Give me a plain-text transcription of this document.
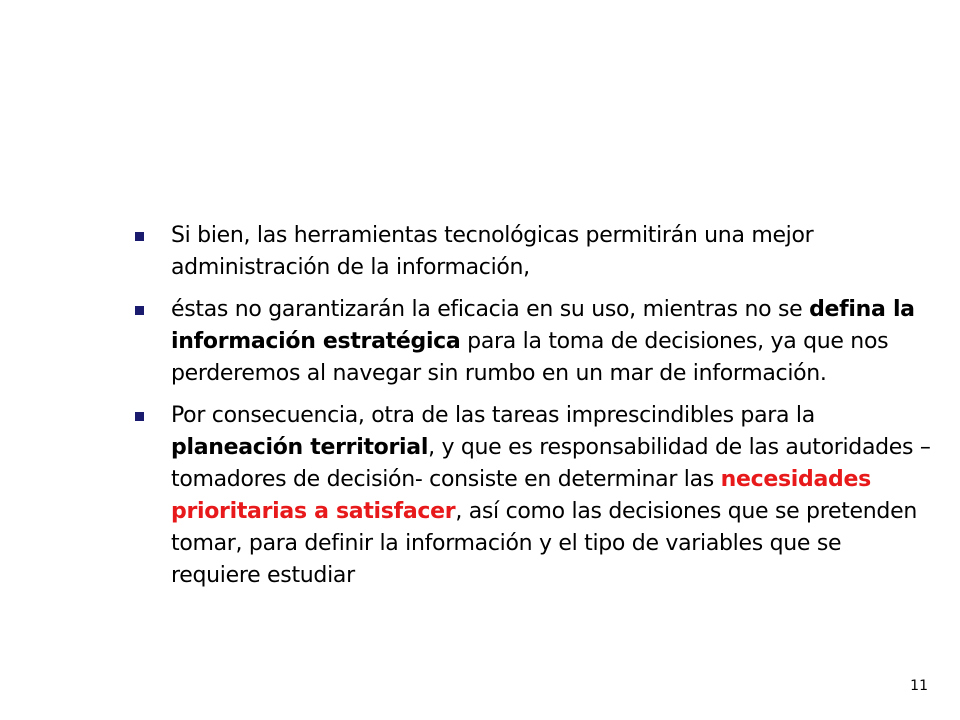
Si bien, las herramientas tecnológicas permitirán una mejor administración de la información,
éstas no garantizarán la eficacia en su uso, mientras no se defina la información estratégica para la toma de decisiones, ya que nos perderemos al navegar sin rumbo en un mar de información.
Por consecuencia, otra de las tareas imprescindibles para la planeación territorial, y que es responsabilidad de las autoridades –tomadores de decisión- consiste en determinar las necesidades prioritarias a satisfacer, así como las decisiones que se pretenden tomar, para definir la información y el tipo de variables que se requiere estudiar
11
